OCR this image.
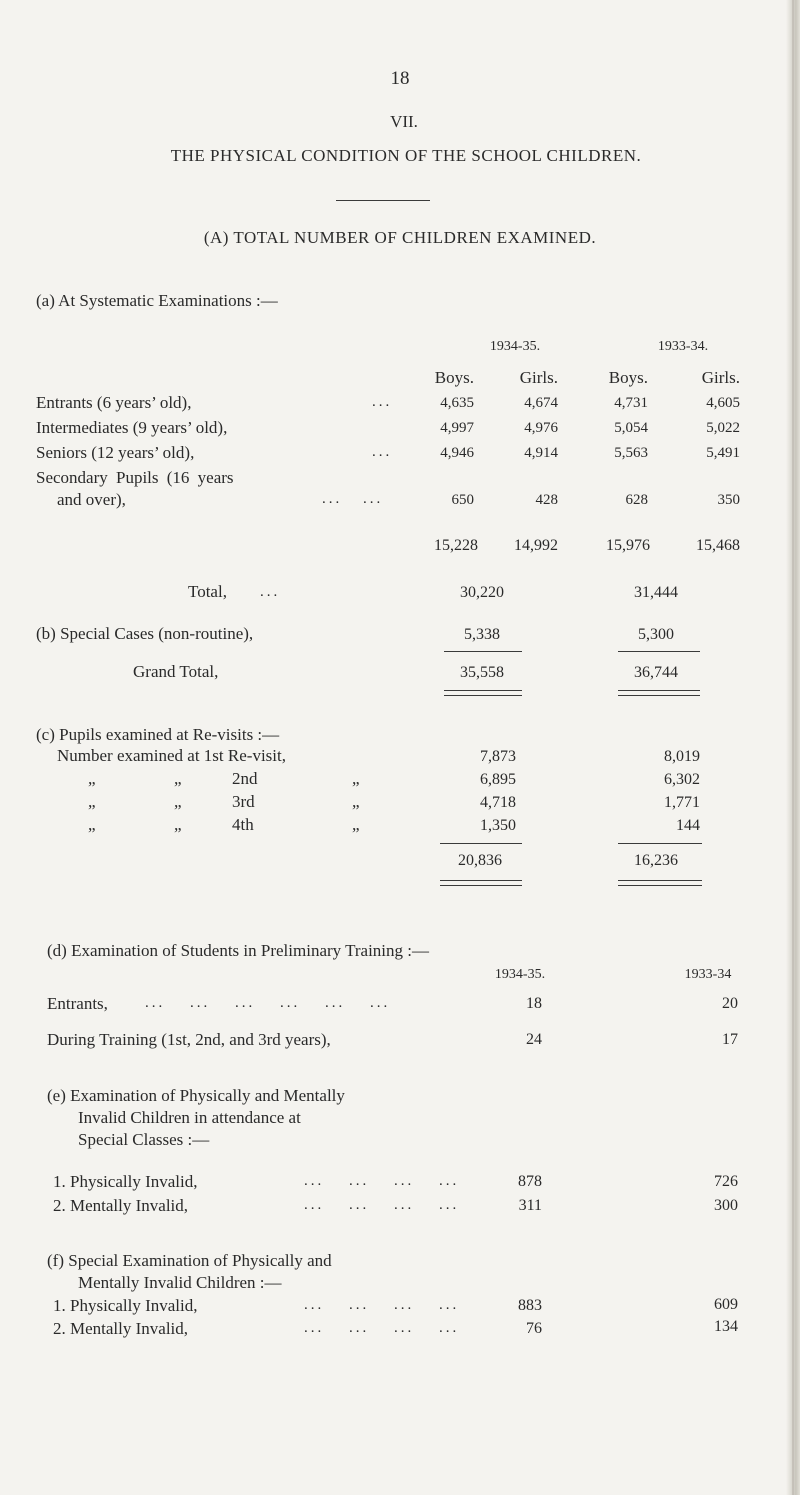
18
VII.
THE PHYSICAL CONDITION OF THE SCHOOL CHILDREN.
(A) TOTAL NUMBER OF CHILDREN EXAMINED.
(a) At Systematic Examinations :—
1934-35.	1933-34.
Boys.	Girls.	Boys.	Girls.
Entrants (6 years’ old),	...	4,635	4,674	4,731	4,605
Intermediates (9 years’ old),	4,997	4,976	5,054	5,022
Seniors (12 years’ old),	...	4,946	4,914	5,563	5,491
Secondary Pupils (16 years
and over),	... ...	650	428	628	350
15,228	14,992	15,976	15,468
Total, ...	30,220	31,444
(b) Special Cases (non-routine),	5,338	5,300
Grand Total,	35,558	36,744
(c) Pupils examined at Re-visits :—
Number examined at 1st Re-visit,	7,873	8,019
„	„	2nd	„	6,895	6,302
„	„	3rd	„	4,718	1,771
„	„	4th	„	1,350	144
20,836	16,236
(d) Examination of Students in Preliminary Training :—
1934-35.	1933-34
Entrants, ... ... ... ... ... ...	18	20
During Training (1st, 2nd, and 3rd years),	24	17
(e) Examination of Physically and Mentally
Invalid Children in attendance at
Special Classes :—
1. Physically Invalid,	... ... ... ...	878	726
2. Mentally Invalid,	... ... ... ...	311	300
(f) Special Examination of Physically and
Mentally Invalid Children :—
1. Physically Invalid,	... ... ... ...	883	609
2. Mentally Invalid,	... ... ... ...	76	134
